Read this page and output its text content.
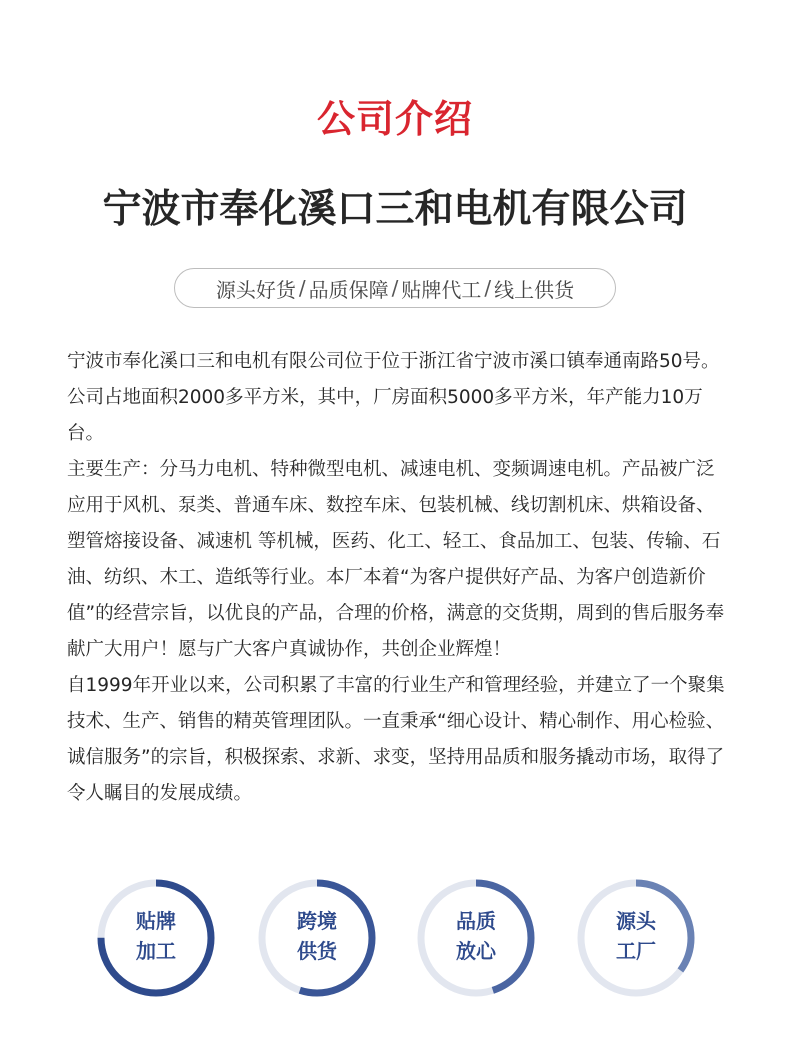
公司介绍
宁波市奉化溪口三和电机有限公司
源头好货 / 品质保障 / 贴牌代工 / 线上供货

宁波市奉化溪口三和电机有限公司位于位于浙江省宁波市溪口镇奉通南路50号。公司占地面积2000多平方米，其中，厂房面积5000多平方米，年产能力10万台。

主要生产：分马力电机、特种微型电机、减速电机、变频调速电机。产品被广泛应用于风机、泵类、普通车床、数控车床、包装机械、线切割机床、烘箱设备、塑管熔接设备、减速机 等机械，医药、化工、轻工、食品加工、包装、传输、石油、纺织、木工、造纸等行业。本厂本着“为客户提供好产品、为客户创造新价值”的经营宗旨，以优良的产品，合理的价格，满意的交货期，周到的售后服务奉献广大用户！愿与广大客户真诚协作，共创企业辉煌！

自1999年开业以来，公司积累了丰富的行业生产和管理经验，并建立了一个聚集技术、生产、销售的精英管理团队。一直秉承“细心设计、精心制作、用心检验、诚信服务”的宗旨，积极探索、求新、求变，坚持用品质和服务撬动市场，取得了令人瞩目的发展成绩。

贴牌
加工
跨境
供货
品质
放心
源头
工厂
